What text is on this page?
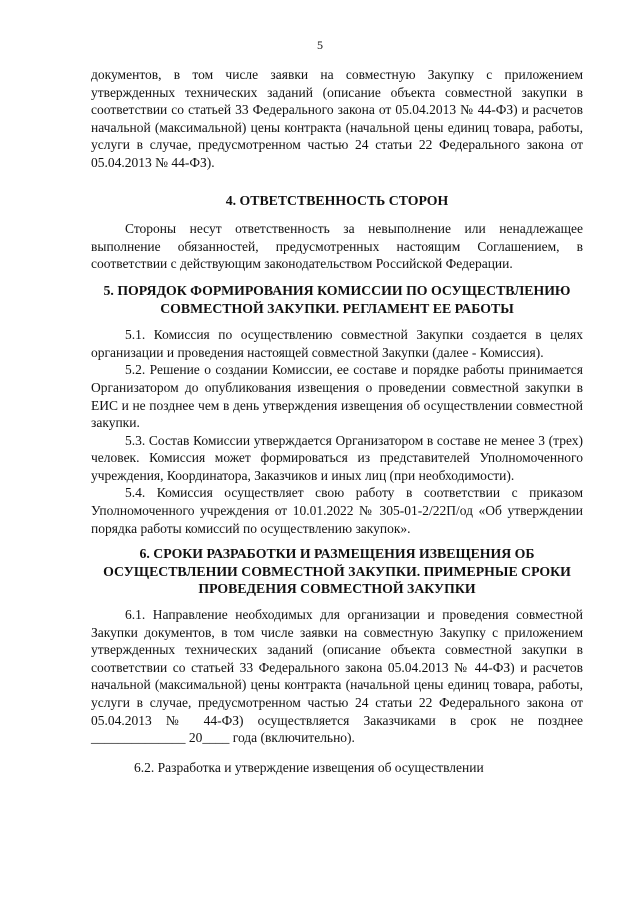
5

документов, в том числе заявки на совместную Закупку с приложением утвержденных технических заданий (описание объекта совместной закупки в соответствии со статьей 33 Федерального закона от 05.04.2013 № 44-ФЗ) и расчетов начальной (максимальной) цены контракта (начальной цены единиц товара, работы, услуги в случае, предусмотренном частью 24 статьи 22 Федерального закона от 05.04.2013 № 44-ФЗ).

4. ОТВЕТСТВЕННОСТЬ СТОРОН

Стороны несут ответственность за невыполнение или ненадлежащее выполнение обязанностей, предусмотренных настоящим Соглашением, в соответствии с действующим законодательством Российской Федерации.

5. ПОРЯДОК ФОРМИРОВАНИЯ КОМИССИИ ПО ОСУЩЕСТВЛЕНИЮ СОВМЕСТНОЙ ЗАКУПКИ. РЕГЛАМЕНТ ЕЕ РАБОТЫ

5.1. Комиссия по осуществлению совместной Закупки создается в целях организации и проведения настоящей совместной Закупки (далее - Комиссия).

5.2. Решение о создании Комиссии, ее составе и порядке работы принимается Организатором до опубликования извещения о проведении совместной закупки в ЕИС и не позднее чем в день утверждения извещения об осуществлении совместной закупки.

5.3. Состав Комиссии утверждается Организатором в составе не менее 3 (трех) человек. Комиссия может формироваться из представителей Уполномоченного учреждения, Координатора, Заказчиков и иных лиц (при необходимости).

5.4. Комиссия осуществляет свою работу в соответствии с приказом Уполномоченного учреждения от 10.01.2022 № 305-01-2/22П/од «Об утверждении порядка работы комиссий по осуществлению закупок».

6. СРОКИ РАЗРАБОТКИ И РАЗМЕЩЕНИЯ ИЗВЕЩЕНИЯ ОБ ОСУЩЕСТВЛЕНИИ СОВМЕСТНОЙ ЗАКУПКИ. ПРИМЕРНЫЕ СРОКИ ПРОВЕДЕНИЯ СОВМЕСТНОЙ ЗАКУПКИ

6.1. Направление необходимых для организации и проведения совместной Закупки документов, в том числе заявки на совместную Закупку с приложением утвержденных технических заданий (описание объекта совместной закупки в соответствии со статьей 33 Федерального закона 05.04.2013 № 44-ФЗ) и расчетов начальной (максимальной) цены контракта (начальной цены единиц товара, работы, услуги в случае, предусмотренном частью 24 статьи 22 Федерального закона от 05.04.2013 № 44-ФЗ) осуществляется Заказчиками в срок не позднее ______________ 20____ года (включительно).

6.2. Разработка и утверждение извещения об осуществлении
